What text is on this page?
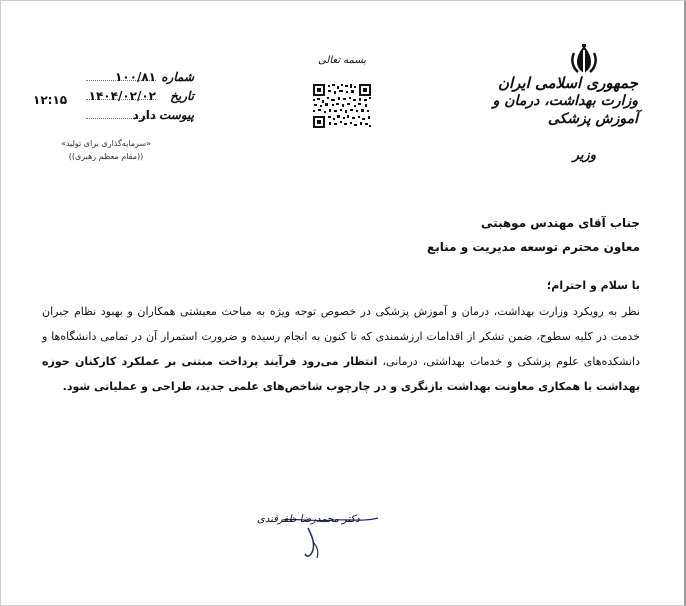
جمهوری اسلامی ایران
وزارت بهداشت، درمان و آموزش پزشکی
وزیر
بسمه تعالی
شماره
۱۰۰/۸۱
تاریخ
۱۴۰۴/۰۲/۰۲
پیوست
دارد
۱۲:۱۵
«سرمایه‌گذاری برای تولید»
((مقام معظم رهبری))
جناب آقای مهندس موهبتی
معاون محترم توسعه مدیریت و منابع
با سلام و احترام؛
نظر به رویکرد وزارت بهداشت، درمان و آموزش پزشکی در خصوص توجه ویژه به مباحث معیشتی همکاران و بهبود نظام جبران خدمت در کلیه سطوح، ضمن تشکر از اقدامات ارزشمندی که تا کنون به انجام رسیده و ضرورت استمرار آن در تمامی دانشگاه‌ها و دانشکده‌های علوم پزشکی و خدمات بهداشتی، درمانی، انتظار می‌رود فرآیند پرداخت مبتنی بر عملکرد کارکنان حوزه بهداشت با همکاری معاونت بهداشت بازنگری و در چارچوب شاخص‌های علمی جدید، طراحی و عملیاتی شود.
دکتر محمدرضا ظفرقندی
